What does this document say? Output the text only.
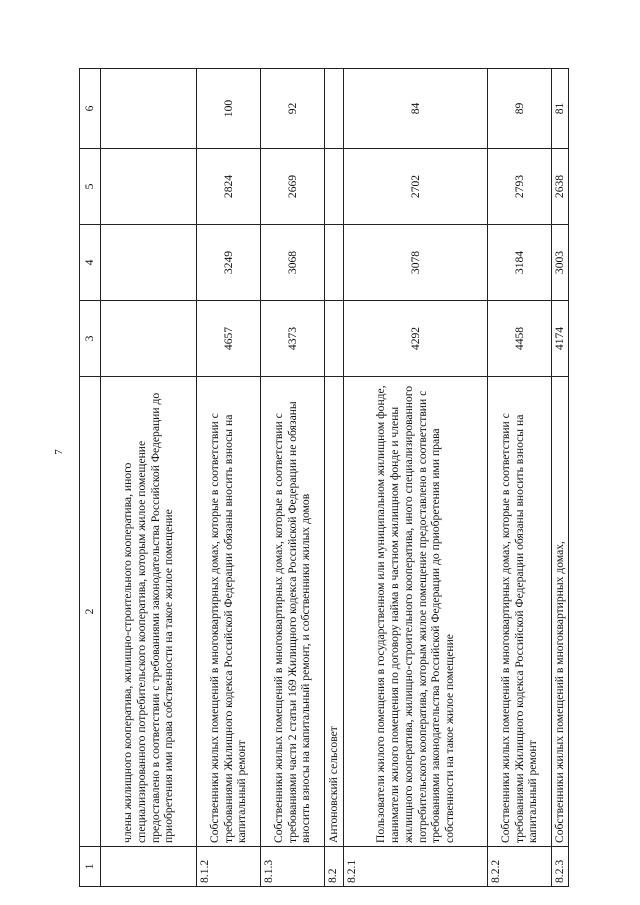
7
1	2	3	4	5	6
	члены жилищного кооператива, жилищно-строительного кооператива, иного специализированного потребительского кооператива, которым жилое помещение предоставлено в соответствии с требованиями законодательства Российской Федерации до приобретения ими права собственности на такое жилое помещение				
8.1.2	Собственники жилых помещений в многоквартирных домах, которые в соответствии с требованиями Жилищного кодекса Российской Федерации обязаны вносить взносы на капитальный ремонт	4657	3249	2824	100
8.1.3	Собственники жилых помещений в многоквартирных домах, которые в соответствии с требованиями части 2 статьи 169 Жилищного кодекса Российской Федерации не обязаны вносить взносы на капитальный ремонт, и собственники жилых домов	4373	3068	2669	92
8.2	Антоновский сельсовет				
8.2.1	Пользователи жилого помещения в государственном или муниципальном жилищном фонде, наниматели жилого помещения по договору найма в частном жилищном фонде и члены жилищного кооператива, жилищно-строительного кооператива, иного специализированного потребительского кооператива, которым жилое помещение предоставлено в соответствии с требованиями законодательства Российской Федерации до приобретения ими права собственности на такое жилое помещение	4292	3078	2702	84
8.2.2	Собственники жилых помещений в многоквартирных домах, которые в соответствии с требованиями Жилищного кодекса Российской Федерации обязаны вносить взносы на капитальный ремонт	4458	3184	2793	89
8.2.3	Собственники жилых помещений в многоквартирных домах,	4174	3003	2638	81
